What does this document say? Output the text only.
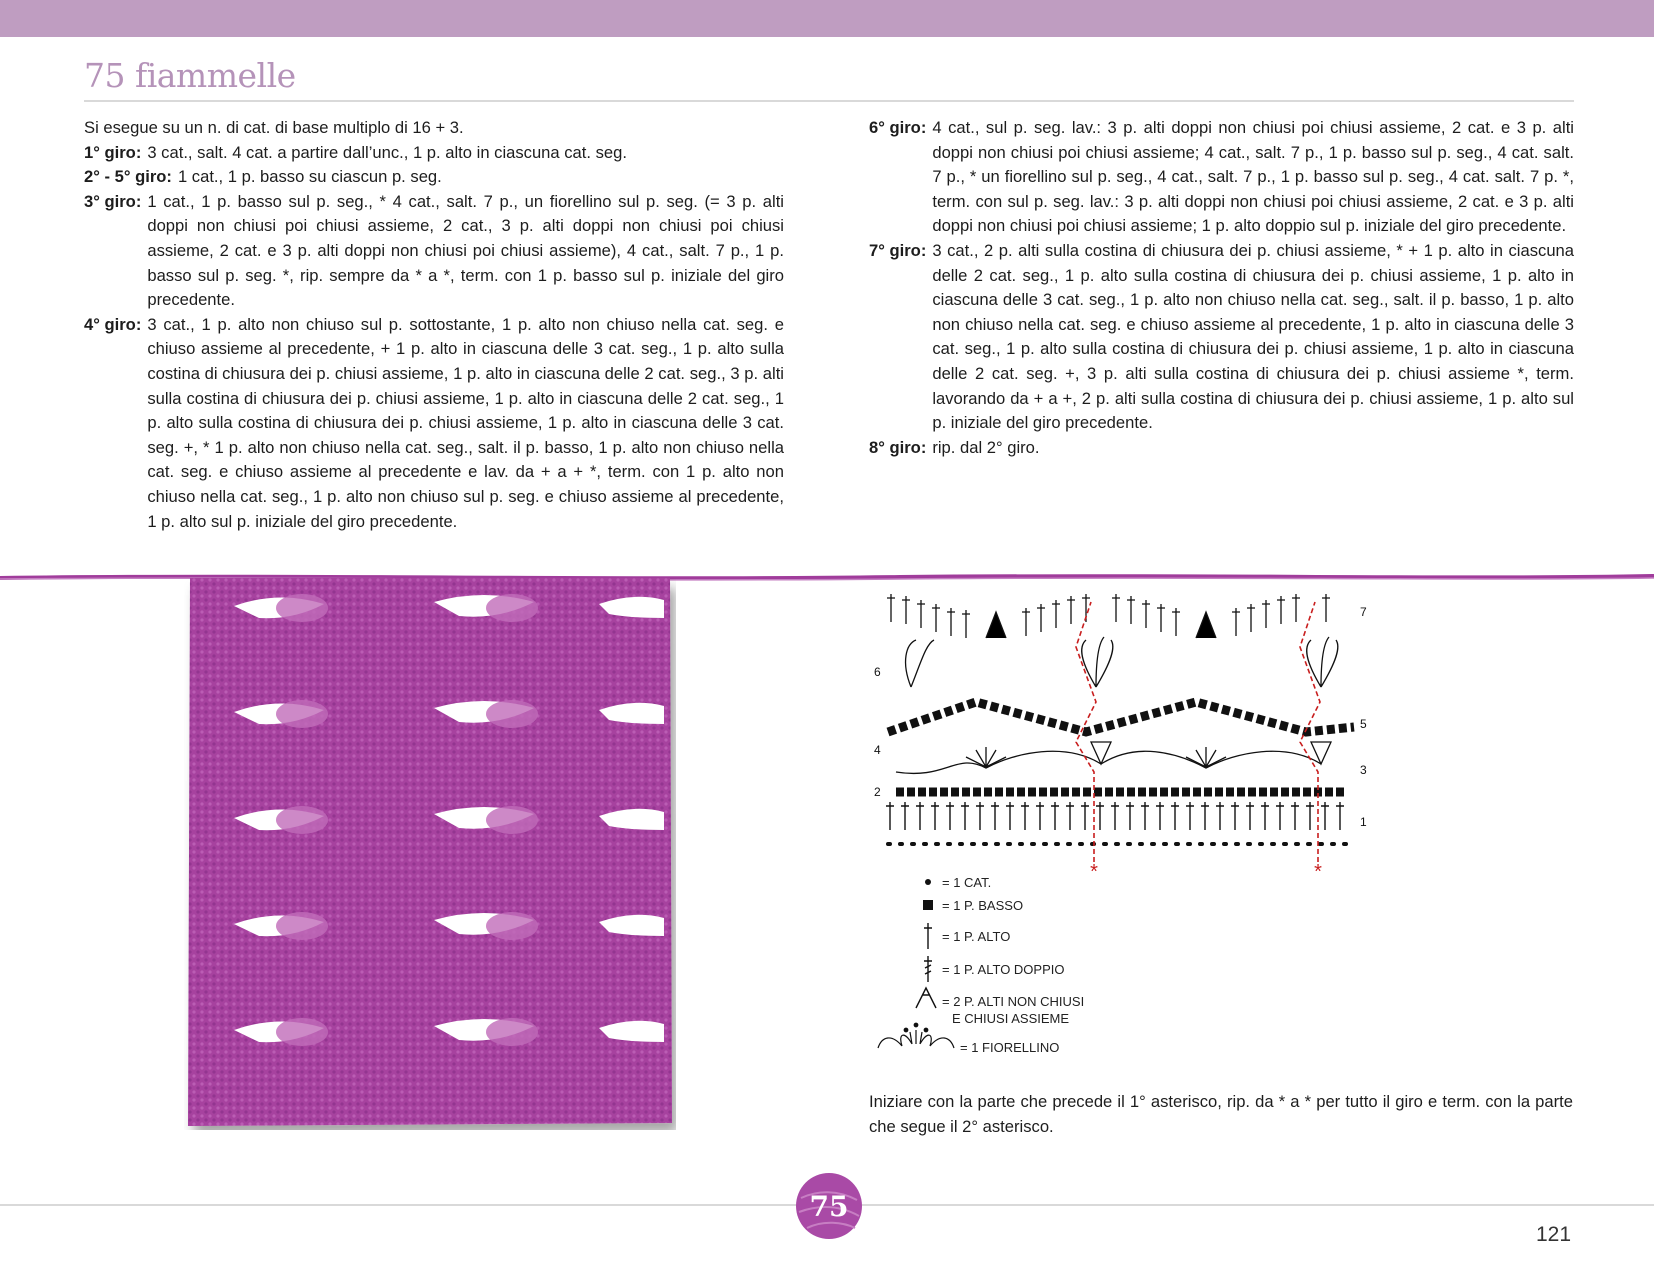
75 fiammelle
Si esegue su un n. di cat. di base multiplo di 16 + 3.
1° giro: 3 cat., salt. 4 cat. a partire dall’unc., 1 p. alto in ciascuna cat. seg.
2° - 5° giro: 1 cat., 1 p. basso su ciascun p. seg.
3° giro: 1 cat., 1 p. basso sul p. seg., * 4 cat., salt. 7 p., un fiorellino sul p. seg. (= 3 p. alti doppi non chiusi poi chiusi assieme, 2 cat., 3 p. alti doppi non chiusi poi chiusi assieme, 2 cat. e 3 p. alti doppi non chiusi poi chiusi assieme), 4 cat., salt. 7 p., 1 p. basso sul p. seg. *, rip. sempre da * a *, term. con 1 p. basso sul p. iniziale del giro precedente.
4° giro: 3 cat., 1 p. alto non chiuso sul p. sottostante, 1 p. alto non chiuso nella cat. seg. e chiuso assieme al precedente, + 1 p. alto in ciascuna delle 3 cat. seg., 1 p. alto sulla costina di chiusura dei p. chiusi assieme, 1 p. alto in ciascuna delle 2 cat. seg., 3 p. alti sulla costina di chiusura dei p. chiusi assieme, 1 p. alto in ciascuna delle 2 cat. seg., 1 p. alto sulla costina di chiusura dei p. chiusi assieme, 1 p. alto in ciascuna delle 3 cat. seg. +, * 1 p. alto non chiuso nella cat. seg., salt. il p. basso, 1 p. alto non chiuso nella cat. seg. e chiuso assieme al precedente e lav. da + a + *, term. con 1 p. alto non chiuso nella cat. seg., 1 p. alto non chiuso sul p. seg. e chiuso assieme al precedente, 1 p. alto sul p. iniziale del giro precedente.
6° giro: 4 cat., sul p. seg. lav.: 3 p. alti doppi non chiusi poi chiusi assieme, 2 cat. e 3 p. alti doppi non chiusi poi chiusi assieme; 4 cat., salt. 7 p., 1 p. basso sul p. seg., 4 cat. salt. 7 p., * un fiorellino sul p. seg., 4 cat., salt. 7 p., 1 p. basso sul p. seg., 4 cat. salt. 7 p. *, term. con sul p. seg. lav.: 3 p. alti doppi non chiusi poi chiusi assieme, 2 cat. e 3 p. alti doppi non chiusi poi chiusi assieme; 1 p. alto doppio sul p. iniziale del giro precedente.
7° giro: 3 cat., 2 p. alti sulla costina di chiusura dei p. chiusi assieme, * + 1 p. alto in ciascuna delle 2 cat. seg., 1 p. alto sulla costina di chiusura dei p. chiusi assieme, 1 p. alto in ciascuna delle 3 cat. seg., 1 p. alto non chiuso nella cat. seg., salt. il p. basso, 1 p. alto non chiuso nella cat. seg. e chiuso assieme al precedente, 1 p. alto in ciascuna delle 3 cat. seg., 1 p. alto sulla costina di chiusura dei p. chiusi assieme, 1 p. alto in ciascuna delle 2 cat. seg. +, 3 p. alti sulla costina di chiusura dei p. chiusi assieme *, term. lavorando da + a +, 2 p. alti sulla costina di chiusura dei p. chiusi assieme, 1 p. alto sul p. iniziale del giro precedente.
8° giro: rip. dal 2° giro.
*	*
7
6
5
4
3
2
1
= 1 CAT.
= 1 P. BASSO
= 1 P. ALTO
= 1 P. ALTO DOPPIO
= 2 P. ALTI NON CHIUSI
E CHIUSI ASSIEME
= 1 FIORELLINO
Iniziare con la parte che precede il 1° asterisco, rip. da * a * per tutto il giro e term. con la parte che segue il 2° asterisco.
75
121
